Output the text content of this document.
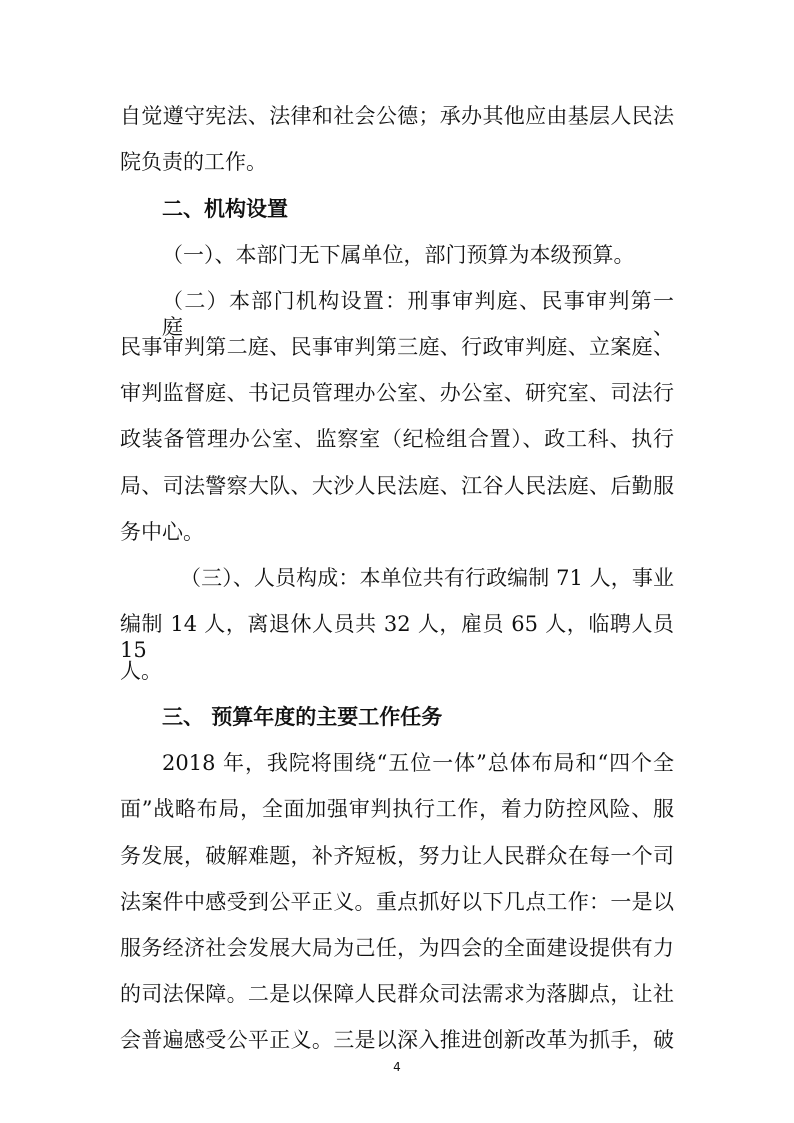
自觉遵守宪法、法律和社会公德；承办其他应由基层人民法
院负责的工作。
二、机构设置
（一）、本部门无下属单位，部门预算为本级预算。
（二）本部门机构设置：刑事审判庭、民事审判第一庭、
民事审判第二庭、民事审判第三庭、行政审判庭、立案庭、
审判监督庭、书记员管理办公室、办公室、研究室、司法行
政装备管理办公室、监察室（纪检组合置）、政工科、执行
局、司法警察大队、大沙人民法庭、江谷人民法庭、后勤服
务中心。
（三）、人员构成：本单位共有行政编制 71 人，事业
编制 14 人，离退休人员共 32 人，雇员 65 人，临聘人员 15
人。
三、 预算年度的主要工作任务
2018 年，我院将围绕“五位一体”总体布局和“四个全
面”战略布局，全面加强审判执行工作，着力防控风险、服
务发展，破解难题，补齐短板，努力让人民群众在每一个司
法案件中感受到公平正义。重点抓好以下几点工作：一是以
服务经济社会发展大局为己任，为四会的全面建设提供有力
的司法保障。二是以保障人民群众司法需求为落脚点，让社
会普遍感受公平正义。三是以深入推进创新改革为抓手，破
4
